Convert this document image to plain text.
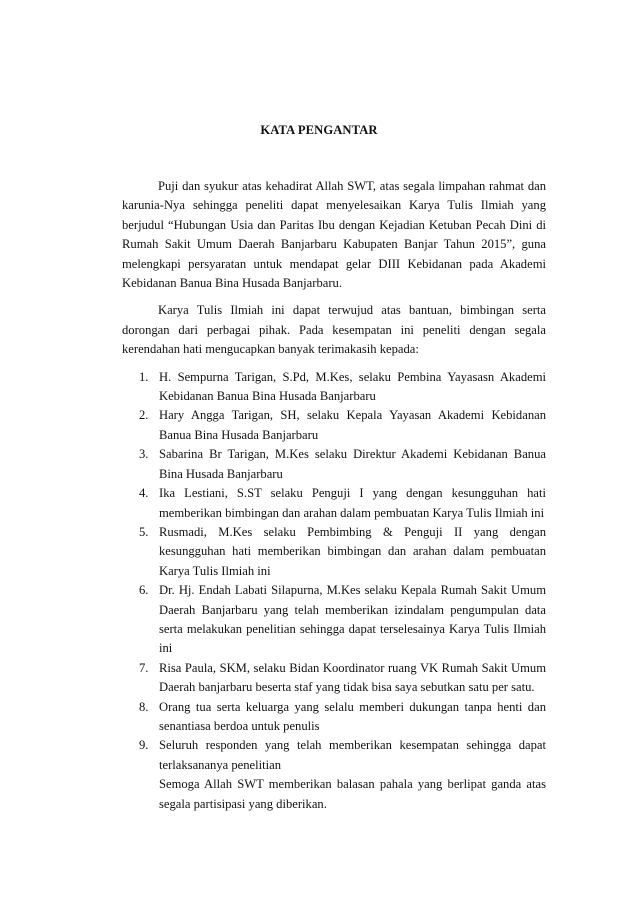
KATA PENGANTAR

Puji dan syukur atas kehadirat Allah SWT, atas segala limpahan rahmat dan karunia-Nya sehingga peneliti dapat menyelesaikan Karya Tulis Ilmiah yang berjudul “Hubungan Usia dan Paritas Ibu dengan Kejadian Ketuban Pecah Dini di Rumah Sakit Umum Daerah Banjarbaru Kabupaten Banjar Tahun 2015”, guna melengkapi persyaratan untuk mendapat gelar DIII Kebidanan pada Akademi Kebidanan Banua Bina Husada Banjarbaru.

Karya Tulis Ilmiah ini dapat terwujud atas bantuan, bimbingan serta dorongan dari perbagai pihak. Pada kesempatan ini peneliti dengan segala kerendahan hati mengucapkan banyak terimakasih kepada:

1. H. Sempurna Tarigan, S.Pd, M.Kes, selaku Pembina Yayasasn Akademi Kebidanan Banua Bina Husada Banjarbaru
2. Hary Angga Tarigan, SH, selaku Kepala Yayasan Akademi Kebidanan Banua Bina Husada Banjarbaru
3. Sabarina Br Tarigan, M.Kes selaku Direktur Akademi Kebidanan Banua Bina Husada Banjarbaru
4. Ika Lestiani, S.ST selaku Penguji I yang dengan kesungguhan hati memberikan bimbingan dan arahan dalam pembuatan Karya Tulis Ilmiah ini
5. Rusmadi, M.Kes selaku Pembimbing & Penguji II yang dengan kesungguhan hati memberikan bimbingan dan arahan dalam pembuatan Karya Tulis Ilmiah ini
6. Dr. Hj. Endah Labati Silapurna, M.Kes selaku Kepala Rumah Sakit Umum Daerah Banjarbaru yang telah memberikan izindalam pengumpulan data serta melakukan penelitian sehingga dapat terselesainya Karya Tulis Ilmiah ini
7. Risa Paula, SKM, selaku Bidan Koordinator ruang VK Rumah Sakit Umum Daerah banjarbaru beserta staf yang tidak bisa saya sebutkan satu per satu.
8. Orang tua serta keluarga yang selalu memberi dukungan tanpa henti dan senantiasa berdoa untuk penulis
9. Seluruh responden yang telah memberikan kesempatan sehingga dapat terlaksananya penelitian

Semoga Allah SWT memberikan balasan pahala yang berlipat ganda atas segala partisipasi yang diberikan.
